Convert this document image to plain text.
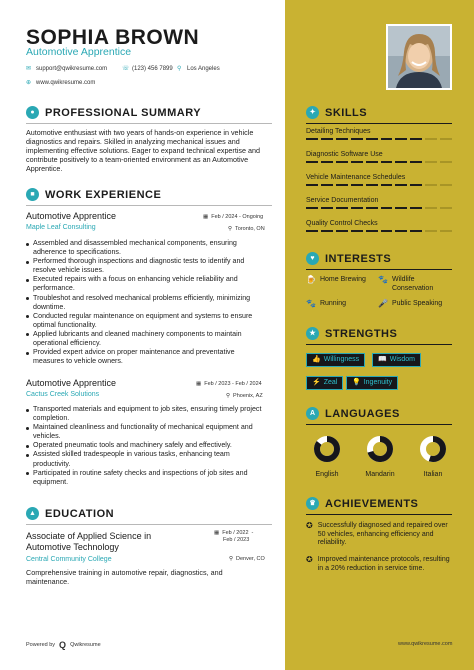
SOPHIA BROWN
Automotive Apprentice
✉ support@qwikresume.com ☏ (123) 456 7899 ⚲ Los Angeles
⊕ www.qwikresume.com
● PROFESSIONAL SUMMARY
Automotive enthusiast with two years of hands-on experience in vehicle diagnostics and repairs. Skilled in analyzing mechanical issues and implementing effective solutions. Eager to expand technical expertise and contribute positively to a team-oriented environment as an Automotive Apprentice.
■ WORK EXPERIENCE
Automotive Apprentice	▦ Feb / 2024 - Ongoing
Maple Leaf Consulting	⚲ Toronto, ON
Assembled and disassembled mechanical components, ensuring adherence to specifications.
Performed thorough inspections and diagnostic tests to identify and resolve vehicle issues.
Executed repairs with a focus on enhancing vehicle reliability and performance.
Troubleshot and resolved mechanical problems efficiently, minimizing downtime.
Conducted regular maintenance on equipment and systems to ensure optimal functionality.
Applied lubricants and cleaned machinery components to maintain operational efficiency.
Provided expert advice on proper maintenance and preventative measures to vehicle owners.
Automotive Apprentice	▦ Feb / 2023 - Feb / 2024
Cactus Creek Solutions	⚲ Phoenix, AZ
Transported materials and equipment to job sites, ensuring timely project completion.
Maintained cleanliness and functionality of mechanical equipment and vehicles.
Operated pneumatic tools and machinery safely and effectively.
Assisted skilled tradespeople in various tasks, enhancing team productivity.
Participated in routine safety checks and inspections of job sites and equipment.
▲ EDUCATION
Associate of Applied Science in
Automotive Technology
▦ Feb / 2022 -
Feb / 2023
Central Community College	⚲ Denver, CO
Comprehensive training in automotive repair, diagnostics, and maintenance.
Powered by Q Qwikresume	www.qwikresume.com
✦ SKILLS
Detailing Techniques
Diagnostic Software Use
Vehicle Maintenance Schedules
Service Documentation
Quality Control Checks
♥ INTERESTS
🍺 Home Brewing 🐾 Wildlife Conservation
🐾 Running	🎤 Public Speaking
★ STRENGTHS
👍 Willingness	📖 Wisdom
⚡ Zeal 💡 Ingenuity
A LANGUAGES
English	Mandarin	Italian
♛ ACHIEVEMENTS
✪ Successfully diagnosed and repaired over 50 vehicles, enhancing efficiency and reliability.
✪ Improved maintenance protocols, resulting in a 20% reduction in service time.
